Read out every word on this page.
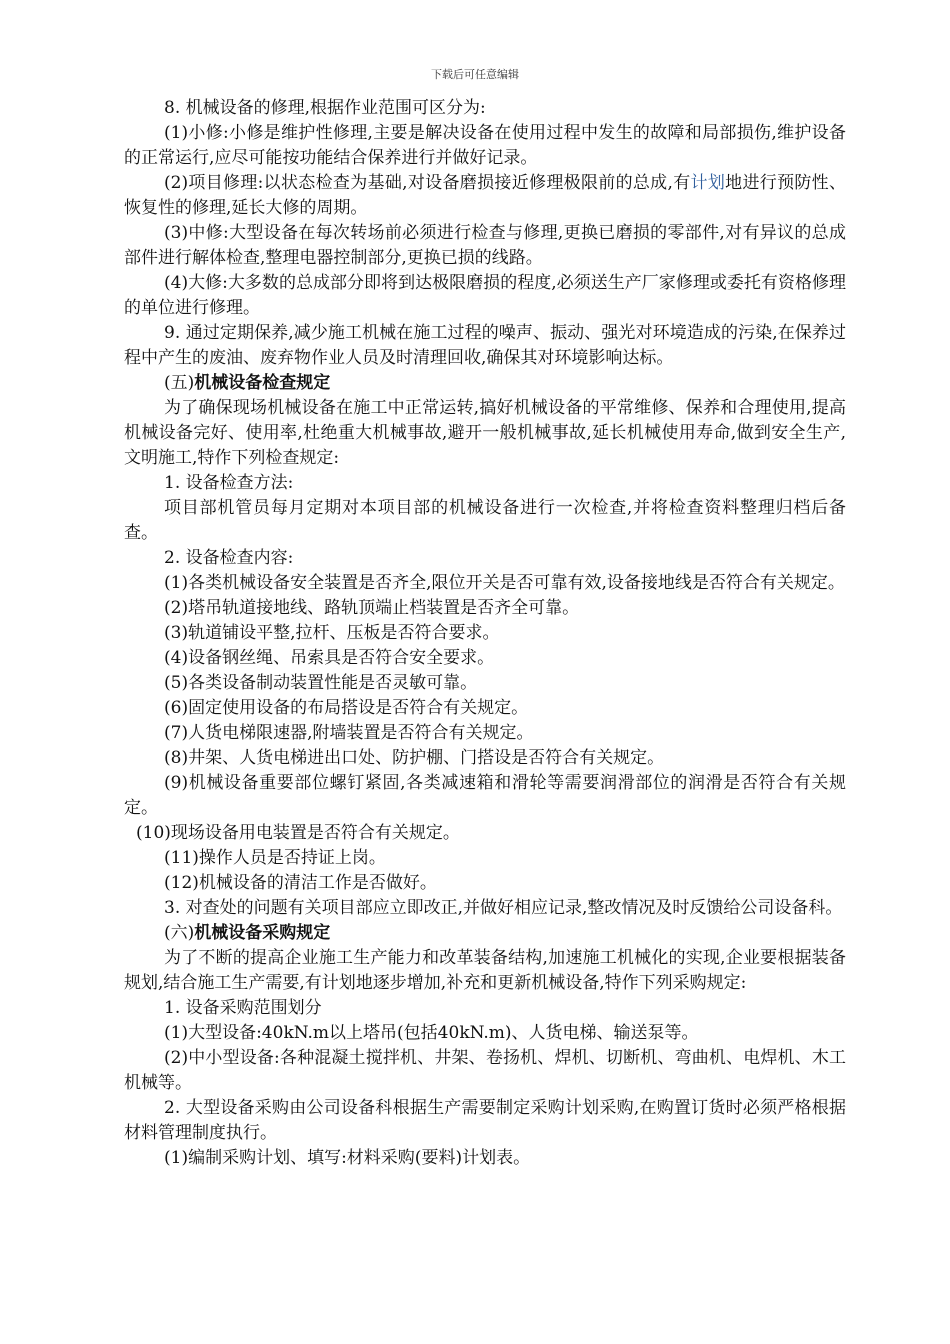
下载后可任意编辑

8. 机械设备的修理,根据作业范围可区分为:

(1)小修:小修是维护性修理,主要是解决设备在使用过程中发生的故障和局部损伤,维护设备的正常运行,应尽可能按功能结合保养进行并做好记录。

(2)项目修理:以状态检查为基础,对设备磨损接近修理极限前的总成,有计划地进行预防性、恢复性的修理,延长大修的周期。

(3)中修:大型设备在每次转场前必须进行检查与修理,更换已磨损的零部件,对有异议的总成部件进行解体检查,整理电器控制部分,更换已损的线路。

(4)大修:大多数的总成部分即将到达极限磨损的程度,必须送生产厂家修理或委托有资格修理的单位进行修理。

9. 通过定期保养,减少施工机械在施工过程的噪声、振动、强光对环境造成的污染,在保养过程中产生的废油、废弃物作业人员及时清理回收,确保其对环境影响达标。

(五)机械设备检查规定

为了确保现场机械设备在施工中正常运转,搞好机械设备的平常维修、保养和合理使用,提高机械设备完好、使用率,杜绝重大机械事故,避开一般机械事故,延长机械使用寿命,做到安全生产,文明施工,特作下列检查规定:

1. 设备检查方法:

项目部机管员每月定期对本项目部的机械设备进行一次检查,并将检查资料整理归档后备查。

2. 设备检查内容:

(1)各类机械设备安全装置是否齐全,限位开关是否可靠有效,设备接地线是否符合有关规定。

(2)塔吊轨道接地线、路轨顶端止档装置是否齐全可靠。

(3)轨道铺设平整,拉杆、压板是否符合要求。

(4)设备钢丝绳、吊索具是否符合安全要求。

(5)各类设备制动装置性能是否灵敏可靠。

(6)固定使用设备的布局搭设是否符合有关规定。

(7)人货电梯限速器,附墙装置是否符合有关规定。

(8)井架、人货电梯进出口处、防护棚、门搭设是否符合有关规定。

(9)机械设备重要部位螺钉紧固,各类减速箱和滑轮等需要润滑部位的润滑是否符合有关规定。

(10)现场设备用电装置是否符合有关规定。

(11)操作人员是否持证上岗。

(12)机械设备的清洁工作是否做好。

3. 对查处的问题有关项目部应立即改正,并做好相应记录,整改情况及时反馈给公司设备科。

(六)机械设备采购规定

为了不断的提高企业施工生产能力和改革装备结构,加速施工机械化的实现,企业要根据装备规划,结合施工生产需要,有计划地逐步增加,补充和更新机械设备,特作下列采购规定:

1. 设备采购范围划分

(1)大型设备:40kN.m以上塔吊(包括40kN.m)、人货电梯、输送泵等。

(2)中小型设备:各种混凝土搅拌机、井架、卷扬机、焊机、切断机、弯曲机、电焊机、木工机械等。

2. 大型设备采购由公司设备科根据生产需要制定采购计划采购,在购置订货时必须严格根据材料管理制度执行。

(1)编制采购计划、填写:材料采购(要料)计划表。
